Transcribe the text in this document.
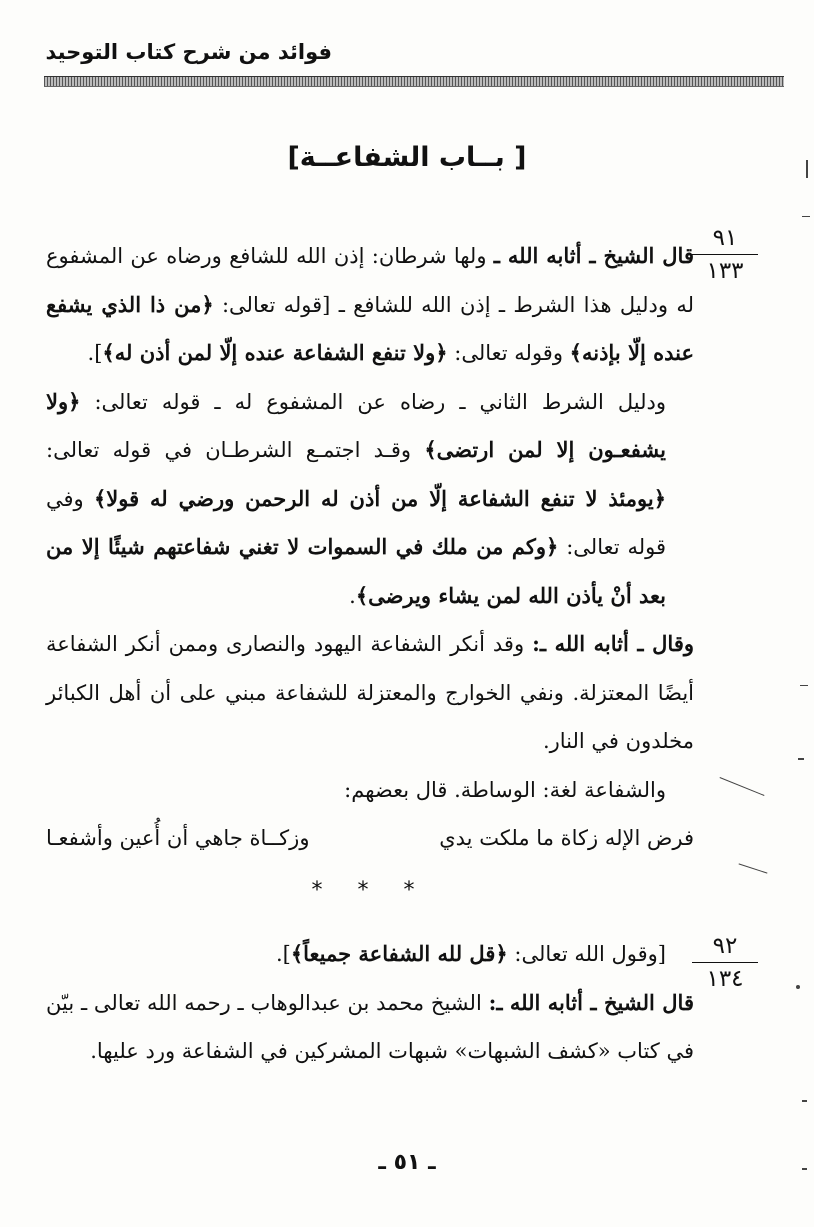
فوائد من شرح كتاب التوحيد
[ بــاب الشفاعــة]
٩١
١٣٣

قال الشيخ ـ أثابه الله ـ ولها شرطان: إذن الله للشافع ورضاه عن المشفوع له ودليل هذا الشرط ـ إذن الله للشافع ـ [قوله تعالى: ﴿من ذا الذي يشفع عنده إلّا بإذنه﴾ وقوله تعالى: ﴿ولا تنفع الشفاعة عنده إلّا لمن أذن له﴾].

ودليل الشرط الثاني ـ رضاه عن المشفوع له ـ قوله تعالى: ﴿ولا يشفعـون إلا لمن ارتضى﴾ وقـد اجتمـع الشرطـان في قوله تعالى: ﴿يومئذ لا تنفع الشفاعة إلّا من أذن له الرحمن ورضي له قولا﴾ وفي قوله تعالى: ﴿وكم من ملك في السموات لا تغني شفاعتهم شيئًا إلا من بعد أنْ يأذن الله لمن يشاء ويرضى﴾.

وقال ـ أثابه الله ـ: وقد أنكر الشفاعة اليهود والنصارى وممن أنكر الشفاعة أيضًا المعتزلة. ونفي الخوارج والمعتزلة للشفاعة مبني على أن أهل الكبائر مخلدون في النار.

والشفاعة لغة: الوساطة. قال بعضهم:

فرض الإله زكاة ما ملكت يدي
وزكــاة جاهي أن أُعين وأشفعـا
* * *
٩٢
١٣٤

[وقول الله تعالى: ﴿قل لله الشفاعة جميعاً﴾].

قال الشيخ ـ أثابه الله ـ: الشيخ محمد بن عبدالوهاب ـ رحمه الله تعالى ـ بيّن في كتاب «كشف الشبهات» شبهات المشركين في الشفاعة ورد عليها.

ـ ٥١ ـ
